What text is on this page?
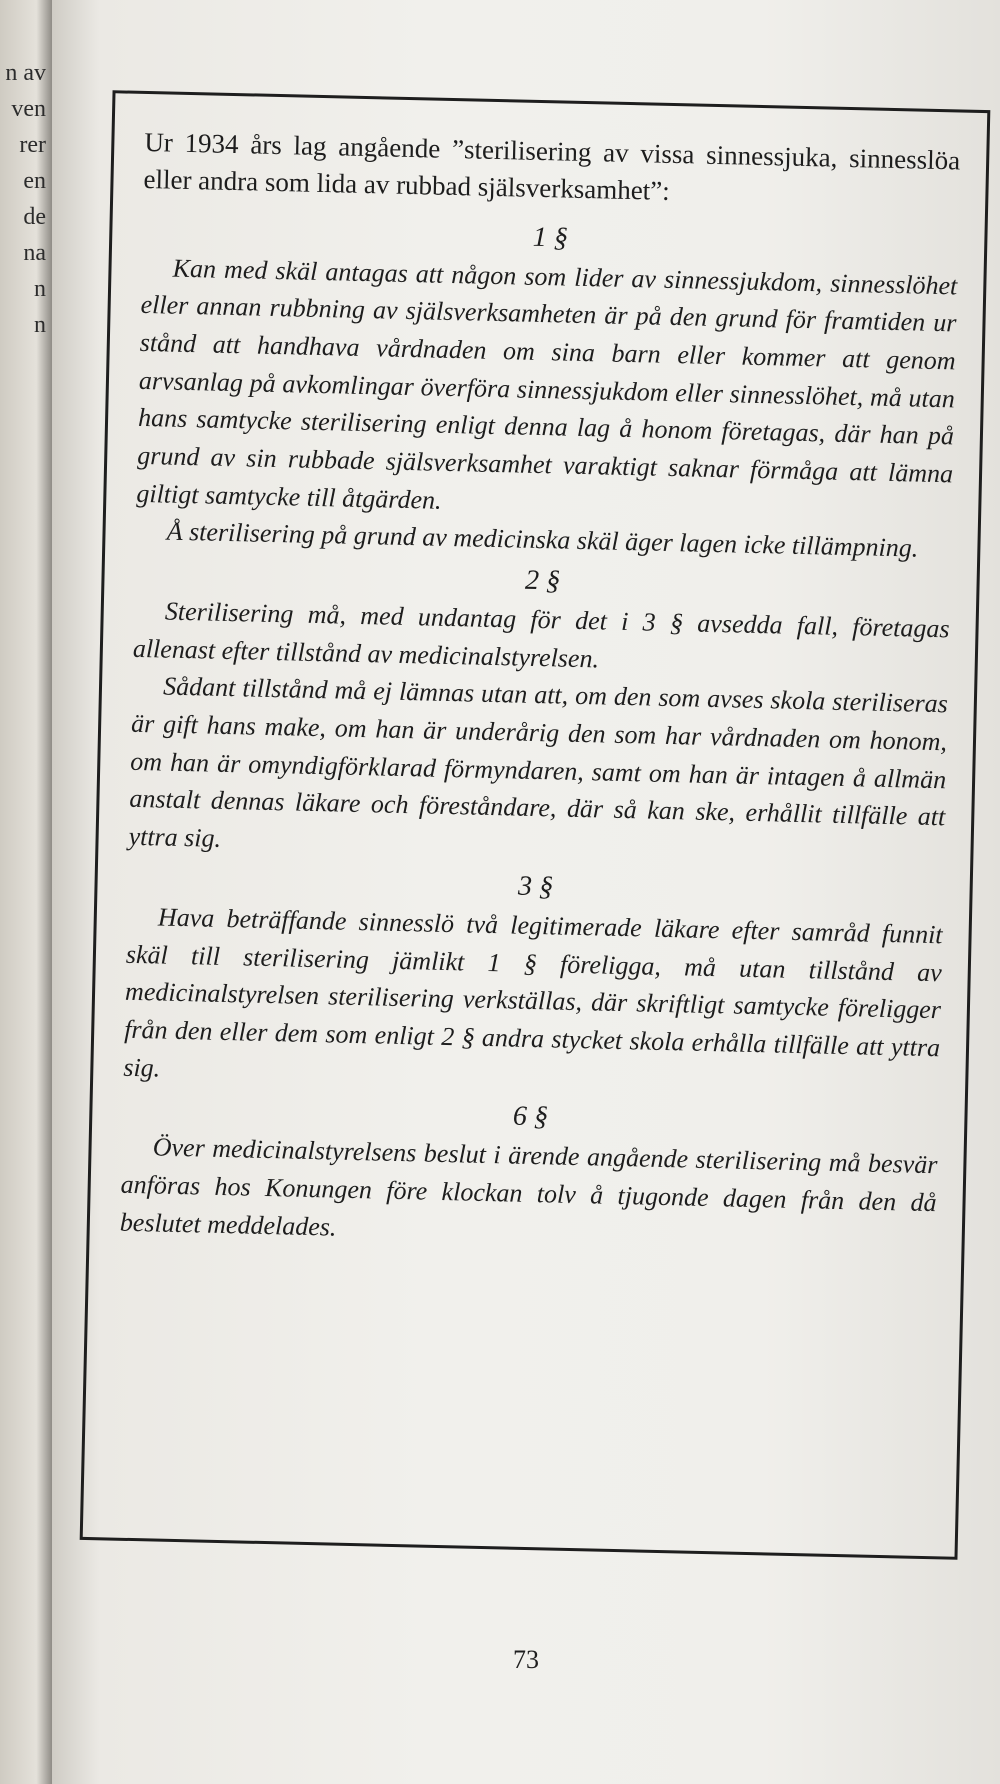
n av
ven
rer
en
de
na
n
n

Ur 1934 års lag angående ”sterilisering av vissa sinnessjuka, sinnesslöa eller andra som lida av rubbad själsverksamhet”:

1 §

Kan med skäl antagas att någon som lider av sinnessjukdom, sinnesslöhet eller annan rubbning av själsverksamheten är på den grund för framtiden ur stånd att handhava vårdnaden om sina barn eller kommer att genom arvsanlag på avkomlingar överföra sinnessjukdom eller sinnesslöhet, må utan hans samtycke sterilisering enligt denna lag å honom företagas, där han på grund av sin rubbade själsverksamhet varaktigt saknar förmåga att lämna giltigt samtycke till åtgärden.

Å sterilisering på grund av medicinska skäl äger lagen icke tillämpning.

2 §

Sterilisering må, med undantag för det i 3 § avsedda fall, företagas allenast efter tillstånd av medicinalstyrelsen.

Sådant tillstånd må ej lämnas utan att, om den som avses skola steriliseras är gift hans make, om han är underårig den som har vårdnaden om honom, om han är omyndigförklarad förmyndaren, samt om han är intagen å allmän anstalt dennas läkare och föreståndare, där så kan ske, erhållit tillfälle att yttra sig.

3 §

Hava beträffande sinnesslö två legitimerade läkare efter samråd funnit skäl till sterilisering jämlikt 1 § föreligga, må utan tillstånd av medicinalstyrelsen sterilisering verkställas, där skriftligt samtycke föreligger från den eller dem som enligt 2 § andra stycket skola erhålla tillfälle att yttra sig.

6 §

Över medicinalstyrelsens beslut i ärende angående sterilisering må besvär anföras hos Konungen före klockan tolv å tjugonde dagen från den då beslutet meddelades.

73
